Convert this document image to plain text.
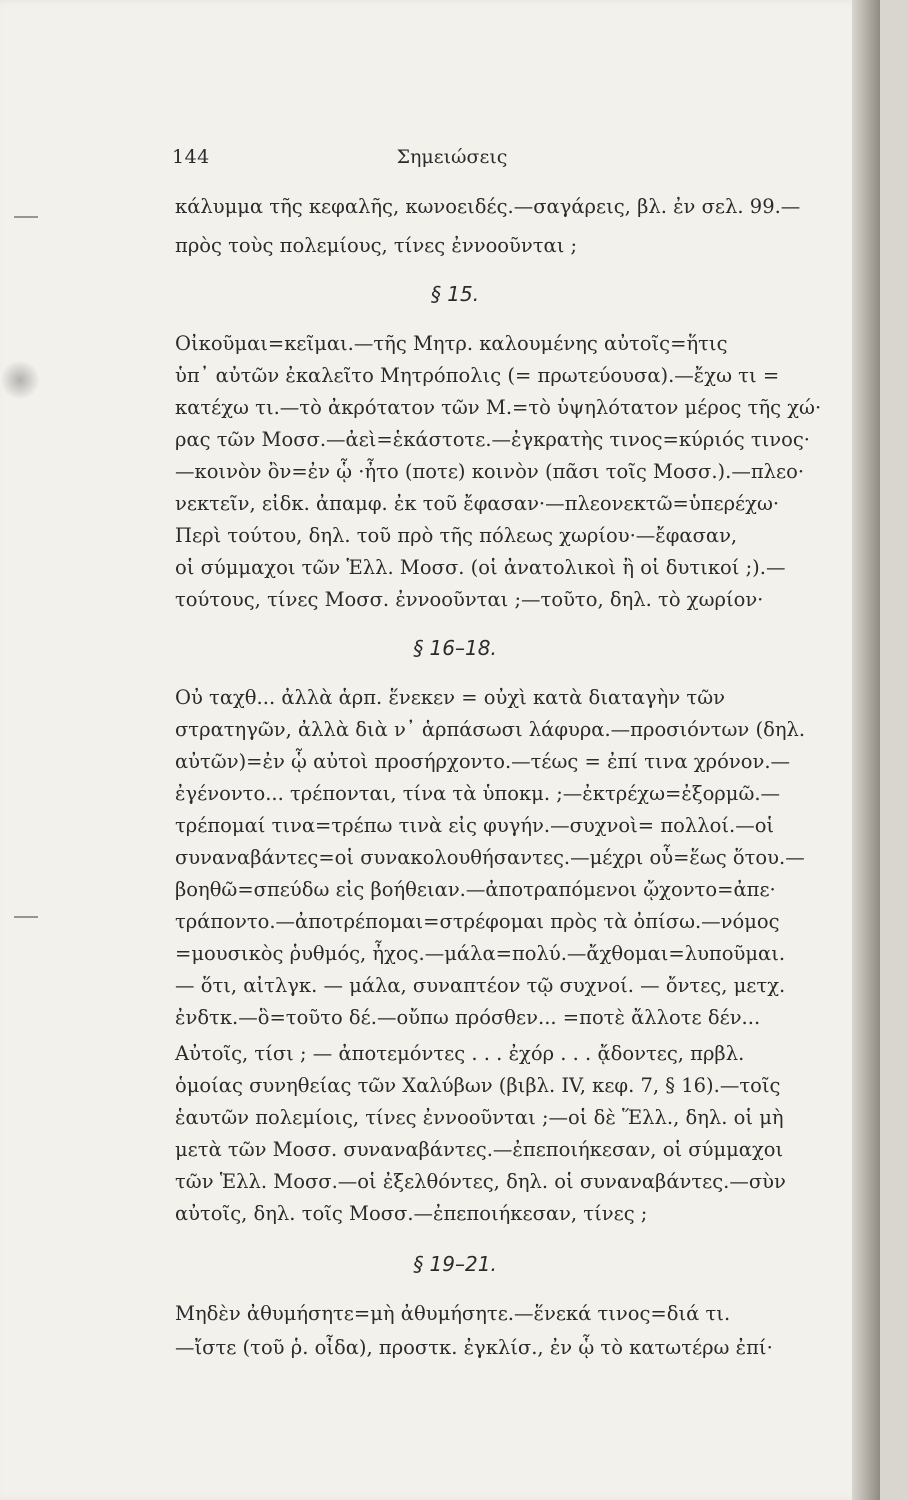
144	Σημειώσεις
κάλυμμα τῆς κεφαλῆς, κωνοειδές.—σαγάρεις, βλ. ἐν σελ. 99.—
πρὸς τοὺς πολεμίους, τίνες ἐννοοῦνται ;
§ 15.
Οἰκοῦμαι=κεῖμαι.—τῆς Μητρ. καλουμένης αὐτοῖς=ἥτις
ὑπ᾿ αὐτῶν ἐκαλεῖτο Μητρόπολις (= πρωτεύουσα).—ἔχω τι =
κατέχω τι.—τὸ ἀκρότατον τῶν Μ.=τὸ ὑψηλότατον μέρος τῆς χώ·
ρας τῶν Μοσσ.—ἀεὶ=ἑκάστοτε.—ἐγκρατὴς τινος=κύριός τινος·
—κοινὸν ὂν=ἐν ᾧ ·ἦτο (ποτε) κοινὸν (πᾶσι τοῖς Μοσσ.).—πλεο·
νεκτεῖν, εἰδκ. ἀπαμφ. ἐκ τοῦ ἔφασαν·—πλεονεκτῶ=ὑπερέχω·
Περὶ τούτου, δηλ. τοῦ πρὸ τῆς πόλεως χωρίου·—ἔφασαν,
οἱ σύμμαχοι τῶν Ἑλλ. Μοσσ. (οἱ ἀνατολικοὶ ἢ οἱ δυτικοί ;).—
τούτους, τίνες Μοσσ. ἐννοοῦνται ;—τοῦτο, δηλ. τὸ χωρίον·
§ 16–18.
Οὐ ταχθ... ἀλλὰ ἁρπ. ἕνεκεν = οὐχὶ κατὰ διαταγὴν τῶν
στρατηγῶν, ἀλλὰ διὰ ν᾿ ἁρπάσωσι λάφυρα.—προσιόντων (δηλ.
αὐτῶν)=ἐν ᾧ αὐτοὶ προσήρχοντο.—τέως = ἐπί τινα χρόνον.—
ἐγένοντο... τρέπονται, τίνα τὰ ὑποκμ. ;—ἐκτρέχω=ἐξορμῶ.—
τρέπομαί τινα=τρέπω τινὰ εἰς φυγήν.—συχνοὶ= πολλοί.—οἱ
συναναβάντες=οἱ συνακολουθήσαντες.—μέχρι οὗ=ἕως ὅτου.—
βοηθῶ=σπεύδω εἰς βοήθειαν.—ἀποτραπόμενοι ᾤχοντο=ἀπε·
τράποντο.—ἀποτρέπομαι=στρέφομαι πρὸς τὰ ὀπίσω.—νόμος
=μουσικὸς ῥυθμός, ἦχος.—μάλα=πολύ.—ἄχθομαι=λυποῦμαι.
— ὅτι, αἰτλγκ. — μάλα, συναπτέον τῷ συχνοί. — ὄντες, μετχ.
ἐνδτκ.—ὃ=τοῦτο δέ.—οὔπω πρόσθεν... =ποτὲ ἄλλοτε δέν...
Αὐτοῖς, τίσι ; — ἀποτεμόντες . . . ἐχόρ . . . ᾄδοντες, πρβλ.
ὁμοίας συνηθείας τῶν Χαλύβων (βιβλ. IV, κεφ. 7, § 16).—τοῖς
ἑαυτῶν πολεμίοις, τίνες ἐννοοῦνται ;—οἱ δὲ Ἕλλ., δηλ. οἱ μὴ
μετὰ τῶν Μοσσ. συναναβάντες.—ἐπεποιήκεσαν, οἱ σύμμαχοι
τῶν Ἑλλ. Μοσσ.—οἱ ἐξελθόντες, δηλ. οἱ συναναβάντες.—σὺν
αὐτοῖς, δηλ. τοῖς Μοσσ.—ἐπεποιήκεσαν, τίνες ;
§ 19–21.
Μηδὲν ἀθυμήσητε=μὴ ἀθυμήσητε.—ἕνεκά τινος=διά τι.
—ἴστε (τοῦ ῥ. οἶδα), προστκ. ἐγκλίσ., ἐν ᾧ τὸ κατωτέρω ἐπί·
